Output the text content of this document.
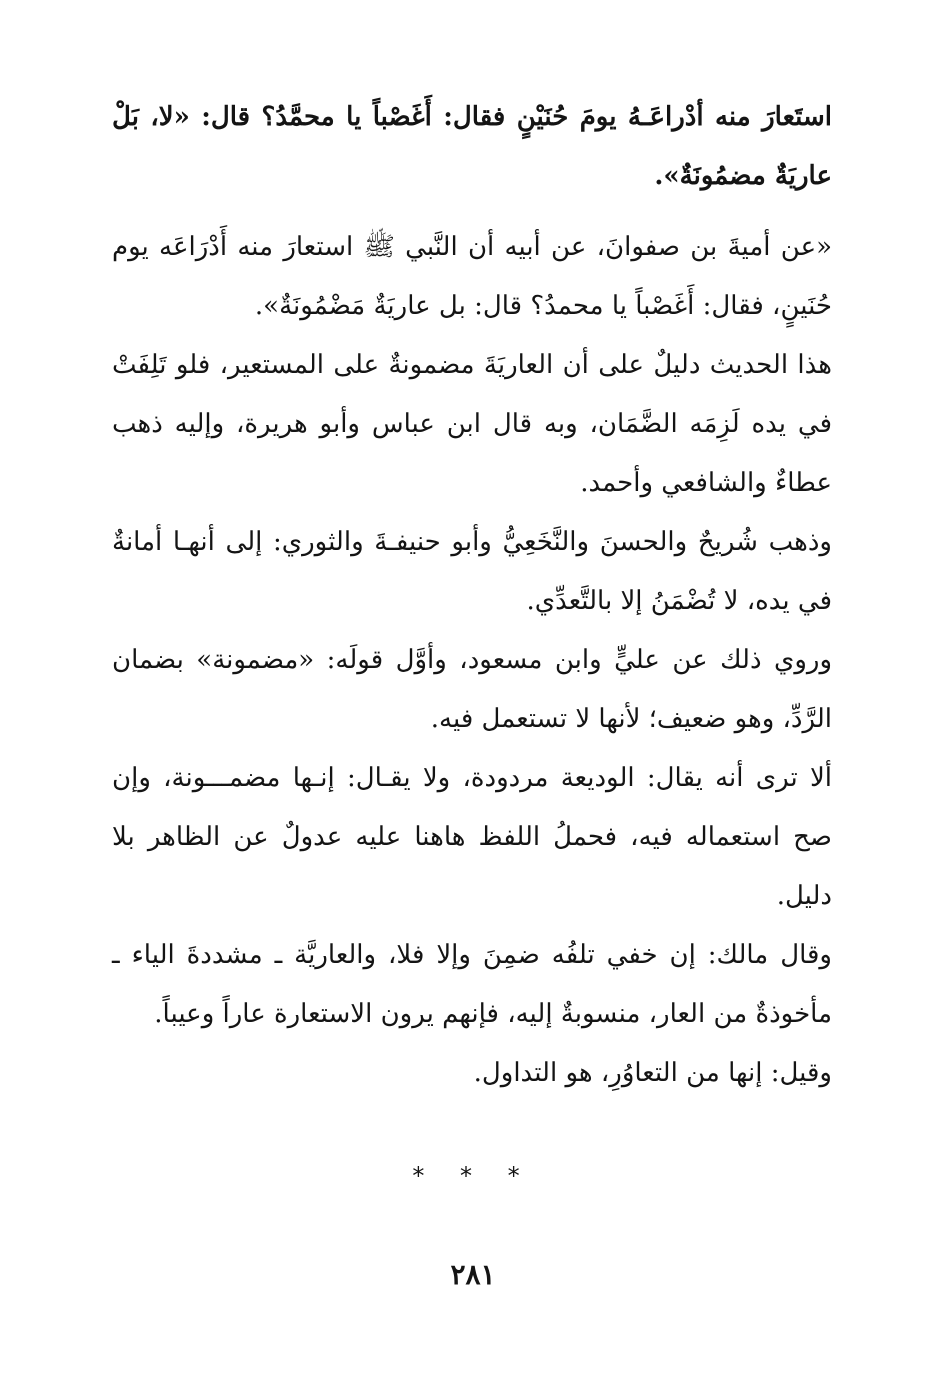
استَعارَ منه أدْراعَـهُ يومَ حُنَيْنٍ فقال: أَغَصْباً يا محمَّدُ؟ قال: «لا، بَلْ عاريَةٌ مضمُونَةٌ».

«عن أميةَ بن صفوانَ، عن أبيه أن النَّبي ﷺ استعارَ منه أَدْرَاعَه يوم حُنَينٍ، فقال: أَغَصْباً يا محمدُ؟ قال: بل عاريَةٌ مَضْمُونَةٌ».

هذا الحديث دليلٌ على أن العاريَةَ مضمونةٌ على المستعير، فلو تَلِفَتْ في يده لَزِمَه الضَّمَان، وبه قال ابن عباس وأبو هريرة، وإليه ذهب عطاءٌ والشافعي وأحمد.

وذهب شُريحٌ والحسنَ والنَّخَعِيُّ وأبو حنيفـةَ والثوري: إلى أنهـا أمانةٌ في يده، لا تُضْمَنُ إلا بالتَّعدِّي.

وروي ذلك عن عليٍّ وابن مسعود، وأوَّل قولَه: «مضمونة» بضمان الرَّدِّ، وهو ضعيف؛ لأنها لا تستعمل فيه.

ألا ترى أنه يقال: الوديعة مردودة، ولا يقـال: إنـها مضمـــونة، وإن صح استعماله فيه، فحملُ اللفظ هاهنا عليه عدولٌ عن الظاهر بلا دليل.

وقال مالك: إن خفي تلفُه ضمِنَ وإلا فلا، والعاريَّة ـ مشددةَ الياء ـ مأخوذةٌ من العار، منسوبةٌ إليه، فإنهم يرون الاستعارة عاراً وعيباً.

وقيل: إنها من التعاوُرِ، هو التداول.

* * *
٢٨١
